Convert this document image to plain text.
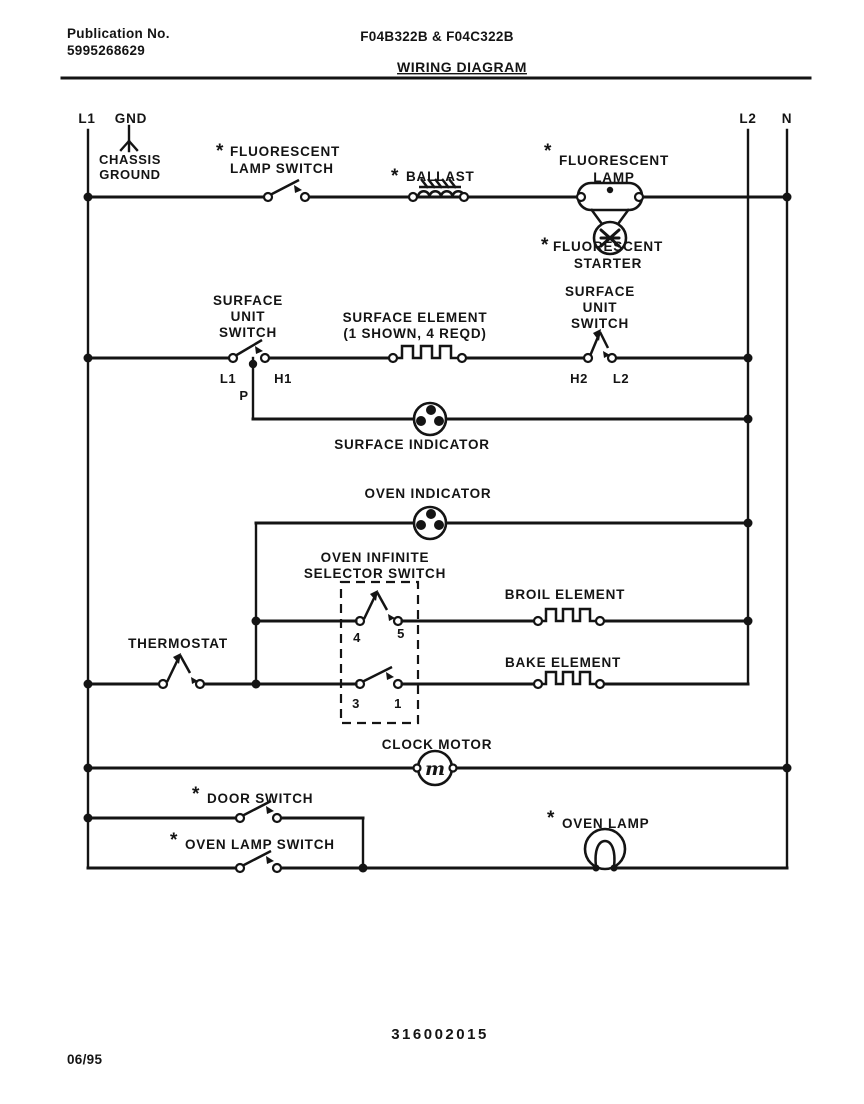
Publication No.
5995268629
F04B322B & F04C322B
WIRING DIAGRAM
L1 GND	L2 N
CHASSIS
GROUND
* FLUORESCENT
LAMP SWITCH	* BALLAST
* FLUORESCENT
LAMP
* FLUORESCENT
STARTER
SURFACE
UNIT
SWITCH
L1	H1
P
SURFACE ELEMENT
(1 SHOWN, 4 REQD)
SURFACE
UNIT
SWITCH
H2 L2
SURFACE INDICATOR
OVEN INDICATOR
OVEN INFINITE
SELECTOR SWITCH
4	5
3	1
BROIL ELEMENT
THERMOSTAT
BAKE ELEMENT
m
CLOCK MOTOR
* DOOR SWITCH
* OVEN LAMP SWITCH
* OVEN LAMP
316002015
06/95
